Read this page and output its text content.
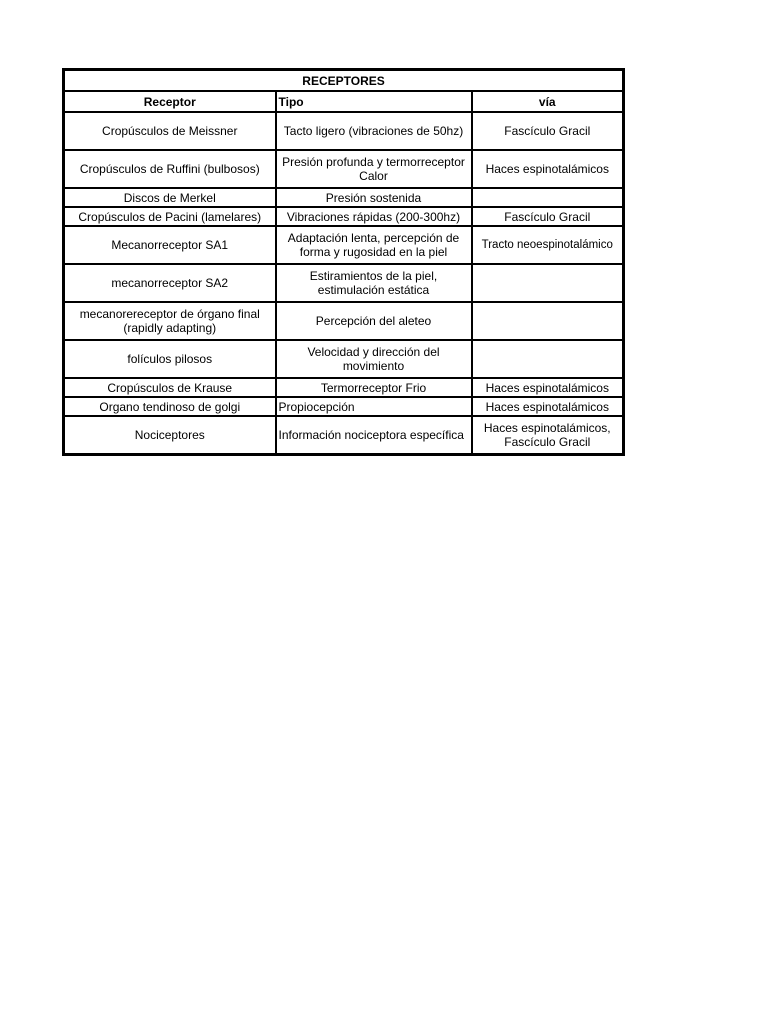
RECEPTORES		
Receptor	Tipo	vía
Cropúsculos de Meissner	Tacto ligero (vibraciones de 50hz)	Fascículo Gracil
Cropúsculos de Ruffini (bulbosos)	Presión profunda y termorreceptor Calor	Haces espinotalámicos
Discos de Merkel	Presión sostenida	
Cropúsculos de Pacini (lamelares)	Vibraciones rápidas (200-300hz)	Fascículo Gracil
Mecanorreceptor SA1	Adaptación lenta, percepción de forma y rugosidad en la piel	Tracto neoespinotalámico
mecanorreceptor SA2	Estiramientos de la piel, estimulación estática	
mecanorereceptor de órgano final (rapidly adapting)	Percepción del aleteo	
folículos pilosos	Velocidad y dirección del movimiento	
Cropúsculos de Krause	Termorreceptor Frio	Haces espinotalámicos
Organo tendinoso de golgi	Propiocepción	Haces espinotalámicos
Nociceptores	Información nociceptora específica	Haces espinotalámicos, Fascículo Gracil
